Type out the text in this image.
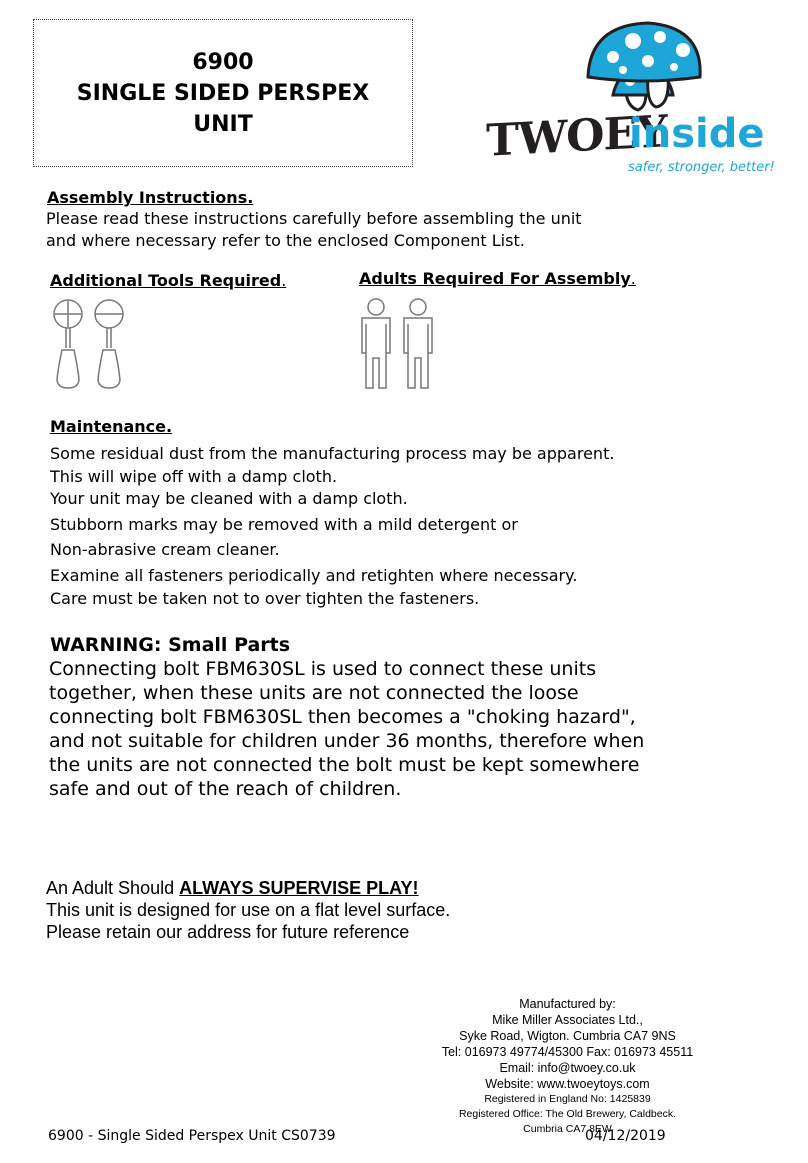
6900
SINGLE SIDED PERSPEX
UNIT	TWOEY
inside
safer, stronger, better!
Assembly Instructions.

Please read these instructions carefully before assembling the unit

and where necessary refer to the enclosed Component List.

Additional Tools Required.	Adults Required For Assembly.
Maintenance.
Some residual dust from the manufacturing process may be apparent.
This will wipe off with a damp cloth.
Your unit may be cleaned with a damp cloth.
Stubborn marks may be removed with a mild detergent or
Non-abrasive cream cleaner.
Examine all fasteners periodically and retighten where necessary.
Care must be taken not to over tighten the fasteners.
WARNING: Small Parts

Connecting bolt FBM630SL is used to connect these units

together, when these units are not connected the loose

connecting bolt FBM630SL then becomes a "choking hazard",

and not suitable for children under 36 months, therefore when

the units are not connected the bolt must be kept somewhere

safe and out of the reach of children.

An Adult Should ALWAYS SUPERVISE PLAY!

This unit is designed for use on a flat level surface.

Please retain our address for future reference

Manufactured by:

Mike Miller Associates Ltd.,

Syke Road, Wigton. Cumbria CA7 9NS

Tel: 016973 49774/45300 Fax: 016973 45511

Email: info@twoey.co.uk

Website: www.twoeytoys.com

Registered in England No: 1425839

Registered Office: The Old Brewery, Caldbeck.

Cumbria CA7 8EW

6900 - Single Sided Perspex Unit CS0739	04/12/2019
